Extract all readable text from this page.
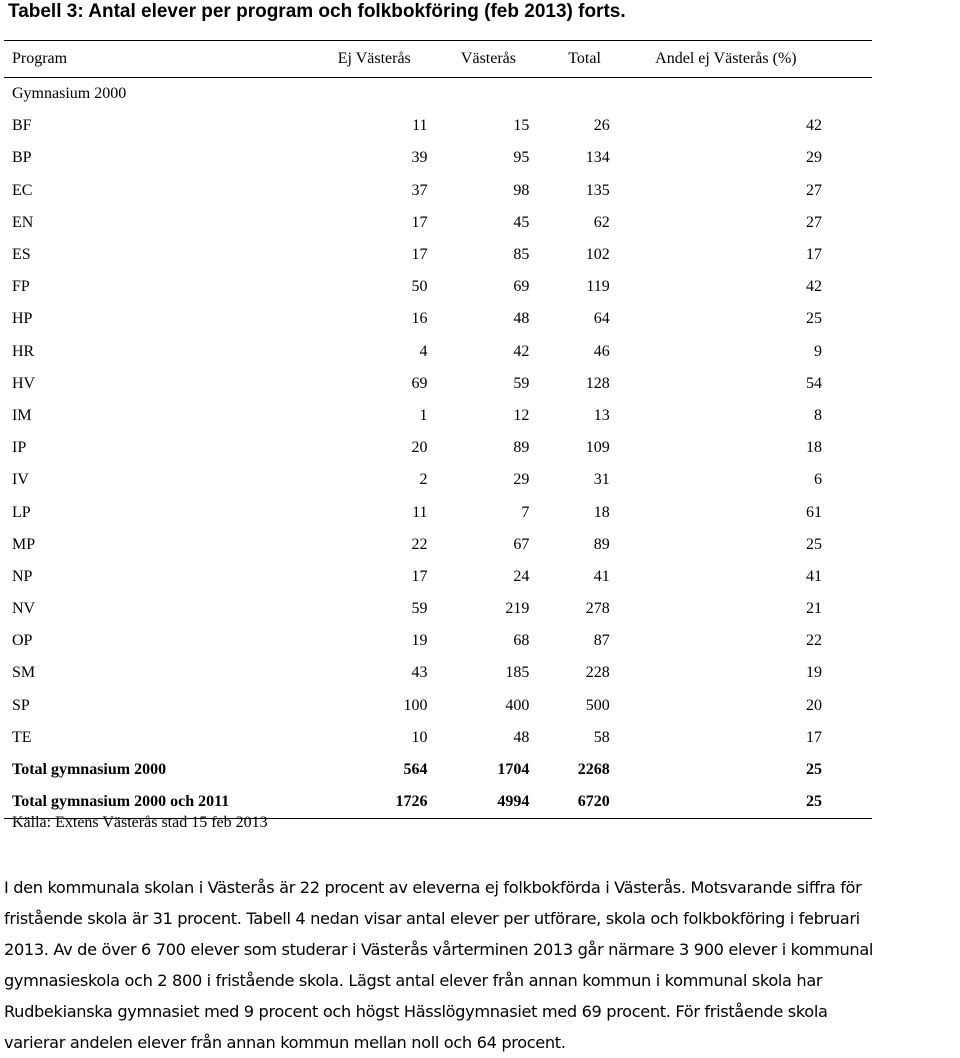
Tabell 3: Antal elever per program och folkbokföring (feb 2013) forts.
Program	Ej Västerås	Västerås	Total	Andel ej Västerås (%)
Gymnasium 2000				
BF	11	15	26	42
BP	39	95	134	29
EC	37	98	135	27
EN	17	45	62	27
ES	17	85	102	17
FP	50	69	119	42
HP	16	48	64	25
HR	4	42	46	9
HV	69	59	128	54
IM	1	12	13	8
IP	20	89	109	18
IV	2	29	31	6
LP	11	7	18	61
MP	22	67	89	25
NP	17	24	41	41
NV	59	219	278	21
OP	19	68	87	22
SM	43	185	228	19
SP	100	400	500	20
TE	10	48	58	17
Total gymnasium 2000	564	1704	2268	25
Total gymnasium 2000 och 2011	1726	4994	6720	25
Källa: Extens Västerås stad 15 feb 2013
I den kommunala skolan i Västerås är 22 procent av eleverna ej folkbokförda i Västerås. Motsvarande siffra för
fristående skola är 31 procent. Tabell 4 nedan visar antal elever per utförare, skola och folkbokföring i februari
2013. Av de över 6 700 elever som studerar i Västerås vårterminen 2013 går närmare 3 900 elever i kommunal
gymnasieskola och 2 800 i fristående skola. Lägst antal elever från annan kommun i kommunal skola har
Rudbekianska gymnasiet med 9 procent och högst Hässlögymnasiet med 69 procent. För fristående skola
varierar andelen elever från annan kommun mellan noll och 64 procent.
